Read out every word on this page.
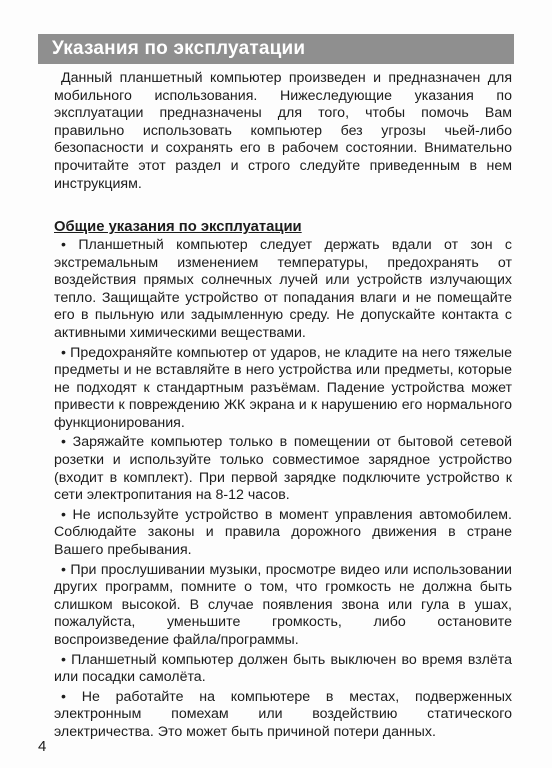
Указания по эксплуатации

Данный планшетный компьютер произведен и предназначен для мобильного использования. Нижеследующие указания по эксплуатации предназначены для того, чтобы помочь Вам правильно использовать компьютер без угрозы чьей-либо безопасности и сохранять его в рабочем состоянии. Внимательно прочитайте этот раздел и строго следуйте приведенным в нем инструкциям.

Общие указания по эксплуатации

• Планшетный компьютер следует держать вдали от зон с экстремальным изменением температуры, предохранять от воздействия прямых солнечных лучей или устройств излучающих тепло. Защищайте устройство от попадания влаги и не помещайте его в пыльную или задымленную среду. Не допускайте контакта с активными химическими веществами.

• Предохраняйте компьютер от ударов, не кладите на него тяжелые предметы и не вставляйте в него устройства или предметы, которые не подходят к стандартным разъёмам. Падение устройства может привести к повреждению ЖК экрана и к нарушению его нормального функционирования.

• Заряжайте компьютер только в помещении от бытовой сетевой розетки и используйте только совместимое зарядное устройство (входит в комплект). При первой зарядке подключите устройство к сети электропитания на 8-12 часов.

• Не используйте устройство в момент управления автомобилем. Соблюдайте законы и правила дорожного движения в стране Вашего пребывания.

• При прослушивании музыки, просмотре видео или использовании других программ, помните о том, что громкость не должна быть слишком высокой. В случае появления звона или гула в ушах, пожалуйста, уменьшите громкость, либо остановите воспроизведение файла/программы.

• Планшетный компьютер должен быть выключен во время взлёта или посадки самолёта.

• Не работайте на компьютере в местах, подверженных электронным помехам или воздействию статического электричества. Это может быть причиной потери данных.

4
